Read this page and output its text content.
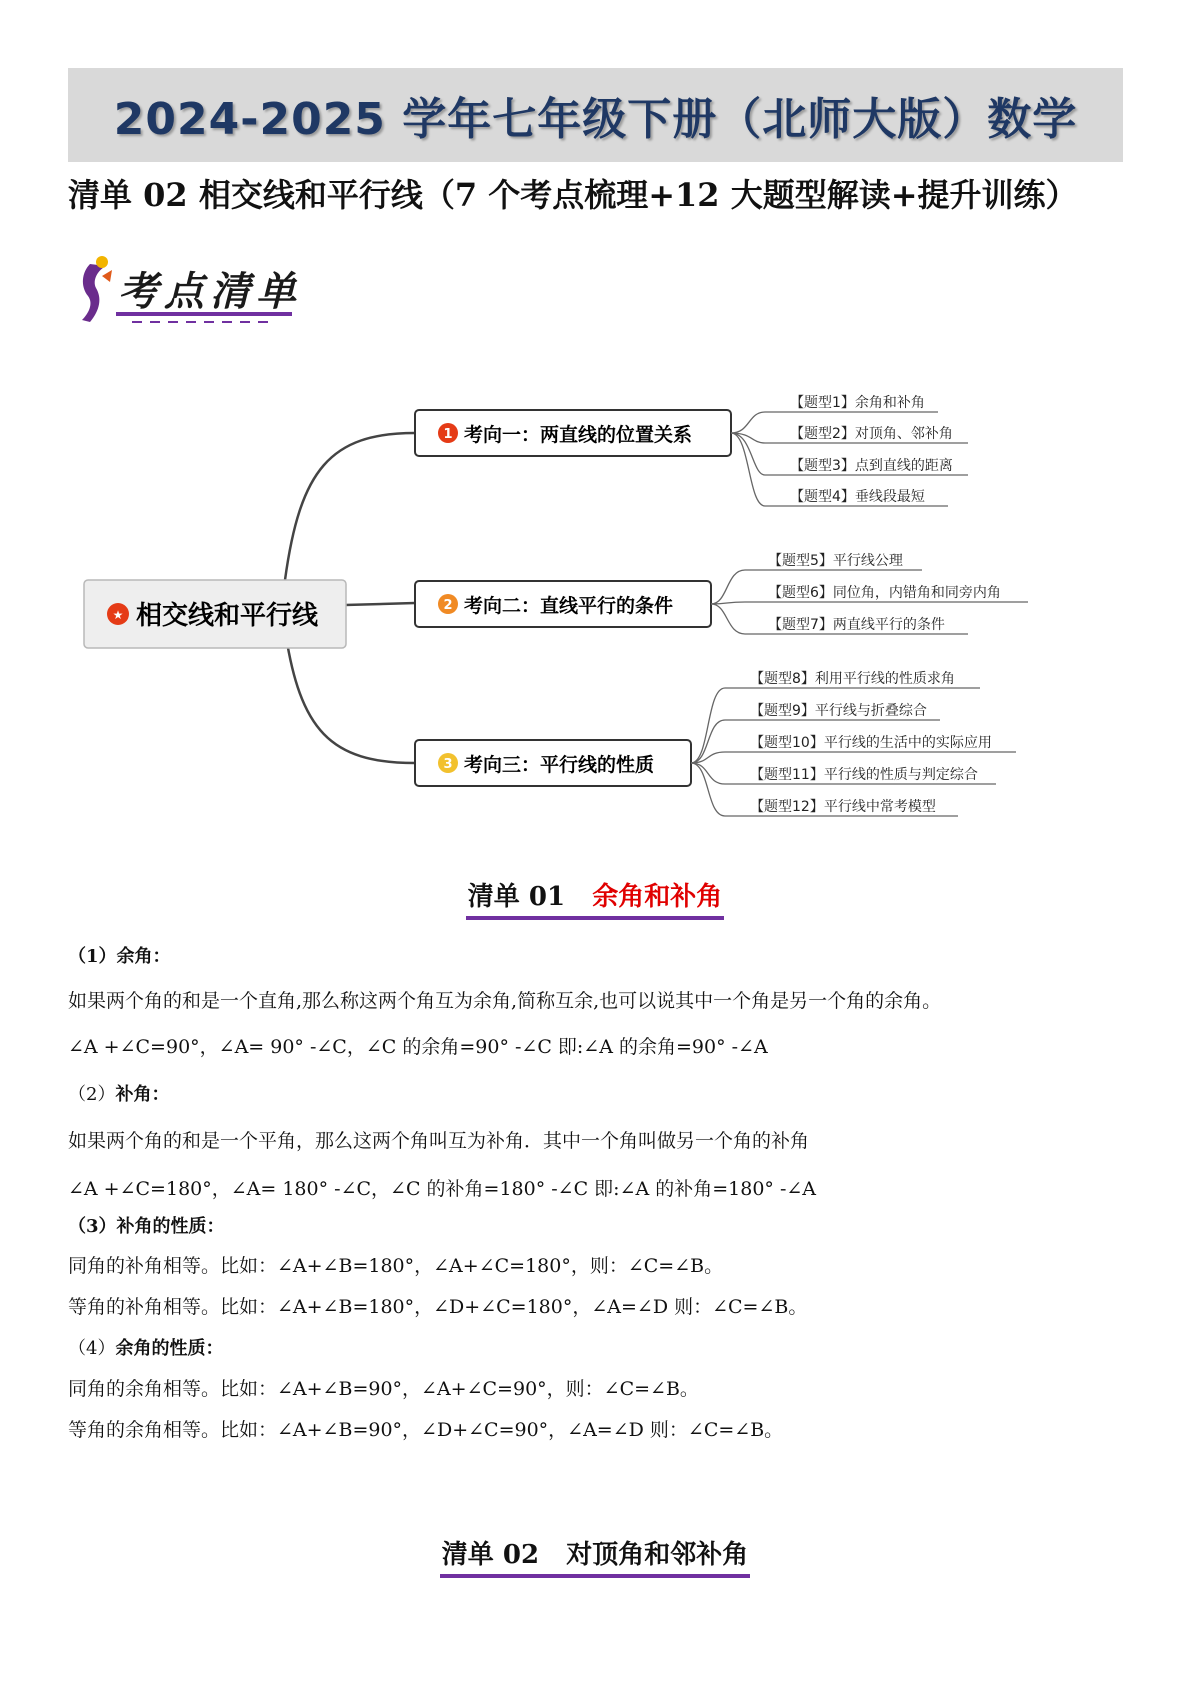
2024-2025 学年七年级下册（北师大版）数学
清单 02 相交线和平行线（7 个考点梳理+12 大题型解读+提升训练）
考点清单
★ 相交线和平行线
1 考向一：两直线的位置关系
2 考向二：直线平行的条件
3 考向三：平行线的性质
【题型1】余角和补角
【题型2】对顶角、邻补角
【题型3】点到直线的距离
【题型4】垂线段最短
【题型5】平行线公理
【题型6】同位角，内错角和同旁内角
【题型7】两直线平行的条件
【题型8】利用平行线的性质求角
【题型9】平行线与折叠综合
【题型10】平行线的生活中的实际应用
【题型11】平行线的性质与判定综合
【题型12】平行线中常考模型
清单 01 余角和补角
（1）余角：
如果两个角的和是一个直角,那么称这两个角互为余角,简称互余,也可以说其中一个角是另一个角的余角。
∠A +∠C=90°，∠A= 90° -∠C，∠C 的余角=90° -∠C 即:∠A 的余角=90° -∠A
（2）补角：
如果两个角的和是一个平角，那么这两个角叫互为补角．其中一个角叫做另一个角的补角
∠A +∠C=180°，∠A= 180° -∠C，∠C 的补角=180° -∠C 即:∠A 的补角=180° -∠A
（3）补角的性质：
同角的补角相等。比如：∠A+∠B=180°，∠A+∠C=180°，则：∠C=∠B。
等角的补角相等。比如：∠A+∠B=180°，∠D+∠C=180°，∠A=∠D 则：∠C=∠B。
（4）余角的性质：
同角的余角相等。比如：∠A+∠B=90°，∠A+∠C=90°，则：∠C=∠B。
等角的余角相等。比如：∠A+∠B=90°，∠D+∠C=90°，∠A=∠D 则：∠C=∠B。
清单 02 对顶角和邻补角
